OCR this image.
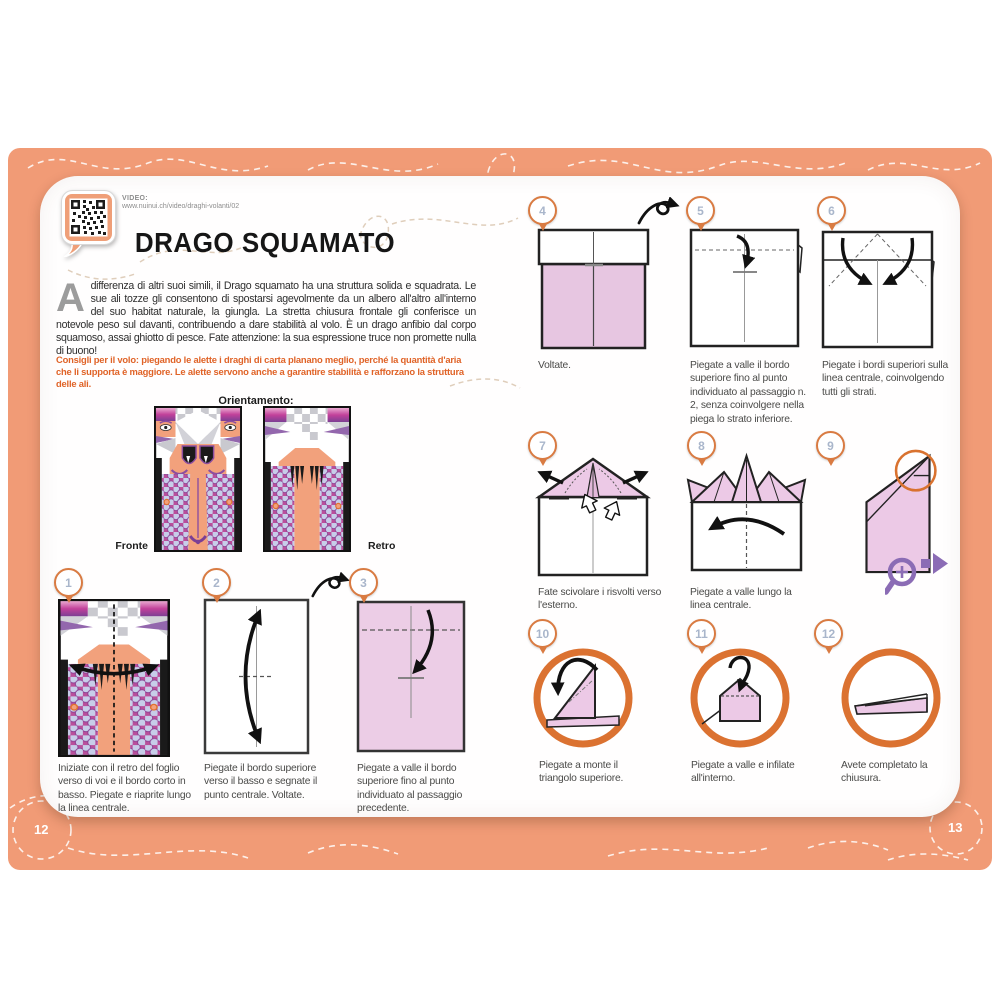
12	13
VIDEO:
www.nuinui.ch/video/draghi-volanti/02
DRAGO SQUAMATO
Adifferenza di altri suoi simili, il Drago squamato ha una struttura solida e squadrata. Le sue ali tozze gli consentono di spostarsi agevolmente da un albero all'altro all'interno del suo habitat naturale, la giungla. La stretta chiusura frontale gli conferisce un notevole peso sul davanti, contribuendo a dare stabilità al volo. È un drago anfibio dal corpo squamoso, assai ghiotto di pesce. Fate attenzione: la sua espressione truce non promette nulla di buono!
Consigli per il volo: piegando le alette i draghi di carta planano meglio, perché la quantità d'aria che li supporta è maggiore. Le alette servono anche a garantire stabilità e rafforzano la struttura delle ali.
Orientamento:
Fronte	Retro
1	2	3
Iniziate con il retro del foglio verso di voi e il bordo corto in basso. Piegate e riaprite lungo la linea centrale.
Piegate il bordo superiore verso il basso e segnate il punto centrale. Voltate.
Piegate a valle il bordo superiore fino al punto individuato al passaggio precedente.
4	5	6
Voltate.	Piegate a valle il bordo superiore fino al punto individuato al passaggio n. 2, senza coinvolgere nella piega lo strato inferiore.
Piegate i bordi superiori sulla linea centrale, coinvolgendo tutti gli strati.
7	8	9
Fate scivolare i risvolti verso l'esterno.
Piegate a valle lungo la linea centrale.
10	11	12
Piegate a monte il triangolo superiore.
Piegate a valle e infilate all'interno.
Avete completato la chiusura.
